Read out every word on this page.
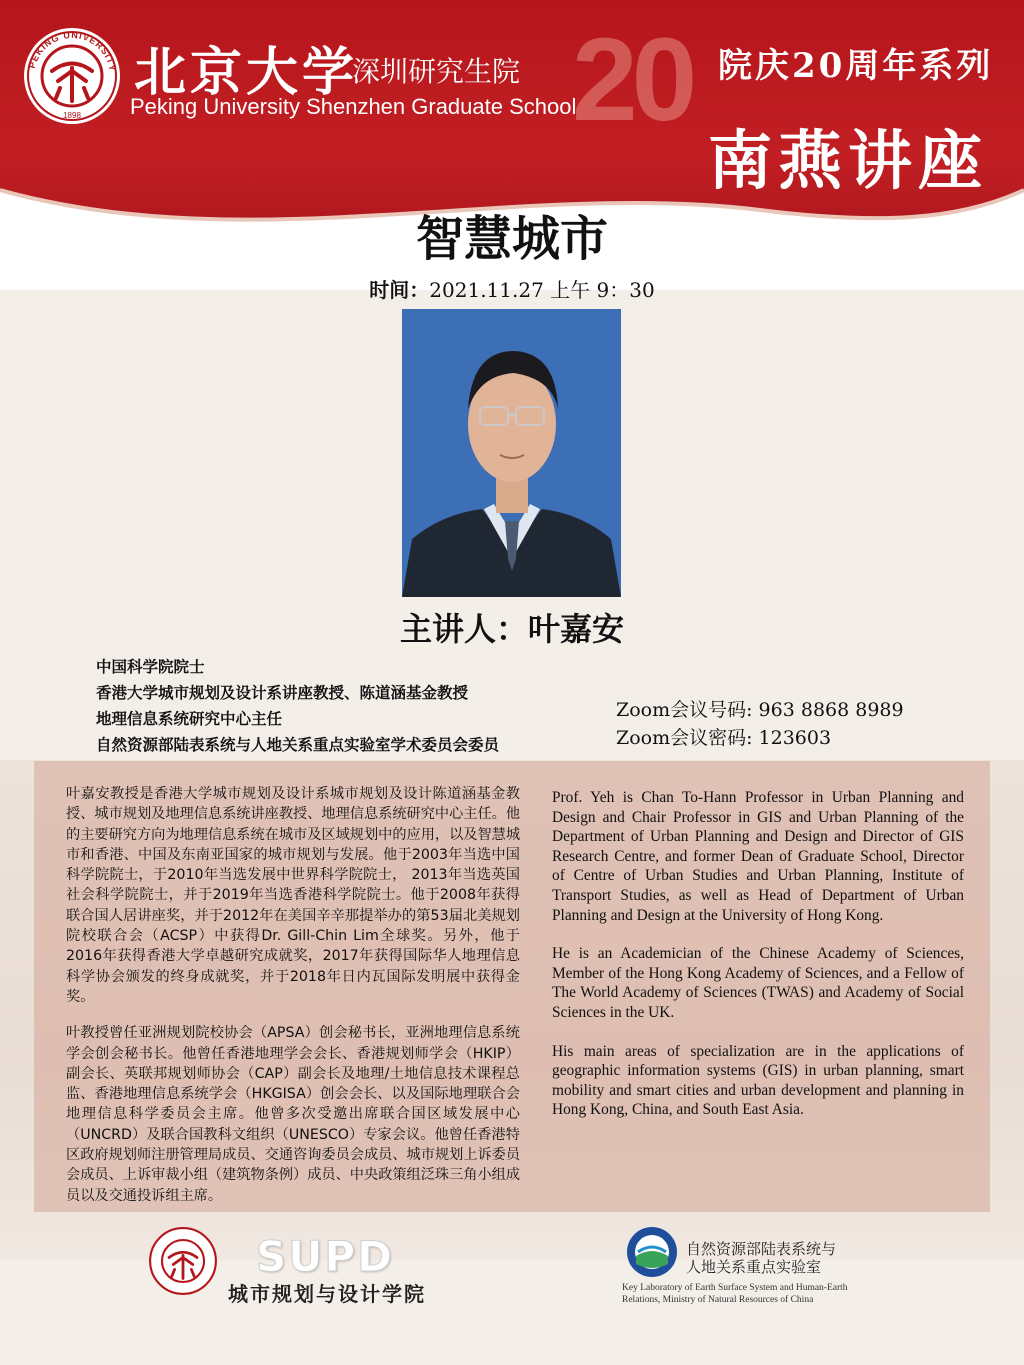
PEKING UNIVERSITY
1898
北京大学
深圳研究生院
Peking University Shenzhen Graduate School
20 院庆20周年系列
南燕讲座
智慧城市
时间：2021.11.27 上午 9：30
主讲人：叶嘉安
中国科学院院士
香港大学城市规划及设计系讲座教授、陈道涵基金教授
地理信息系统研究中心主任
自然资源部陆表系统与人地关系重点实验室学术委员会委员
Zoom会议号码: 963 8868 8989
Zoom会议密码: 123603

叶嘉安教授是香港大学城市规划及设计系城市规划及设计陈道涵基金教授、城市规划及地理信息系统讲座教授、地理信息系统研究中心主任。他的主要研究方向为地理信息系统在城市及区域规划中的应用，以及智慧城市和香港、中国及东南亚国家的城市规划与发展。他于2003年当选中国科学院院士，于2010年当选发展中世界科学院院士， 2013年当选英国社会科学院院士，并于2019年当选香港科学院院士。他于2008年获得联合国人居讲座奖，并于2012年在美国辛辛那提举办的第53届北美规划院校联合会（ACSP）中获得Dr. Gill-Chin Lim全球奖。另外，他于2016年获得香港大学卓越研究成就奖，2017年获得国际华人地理信息科学协会颁发的终身成就奖，并于2018年日内瓦国际发明展中获得金奖。

叶教授曾任亚洲规划院校协会（APSA）创会秘书长，亚洲地理信息系统学会创会秘书长。他曾任香港地理学会会长、香港规划师学会（HKIP）副会长、英联邦规划师协会（CAP）副会长及地理/土地信息技术课程总监、香港地理信息系统学会（HKGISA）创会会长、以及国际地理联合会地理信息科学委员会主席。他曾多次受邀出席联合国区域发展中心（UNCRD）及联合国教科文组织（UNESCO）专家会议。他曾任香港特区政府规划师注册管理局成员、交通咨询委员会成员、城市规划上诉委员会成员、上诉审裁小组（建筑物条例）成员、中央政策组泛珠三角小组成员以及交通投诉组主席。

Prof. Yeh is Chan To-Hann Professor in Urban Planning and Design and Chair Professor in GIS and Urban Planning of the Department of Urban Planning and Design and Director of GIS Research Centre, and former Dean of Graduate School, Director of Centre of Urban Studies and Urban Planning, Institute of Transport Studies, as well as Head of Department of Urban Planning and Design at the University of Hong Kong.

He is an Academician of the Chinese Academy of Sciences, Member of the Hong Kong Academy of Sciences, and a Fellow of The World Academy of Sciences (TWAS) and Academy of Social Sciences in the UK.

His main areas of specialization are in the applications of geographic information systems (GIS) in urban planning, smart mobility and smart cities and urban development and planning in Hong Kong, China, and South East Asia.

SUPD
城市规划与设计学院
自然资源部陆表系统与
人地关系重点实验室
Key Laboratory of Earth Surface System and Human-Earth Relations, Ministry of Natural Resources of China
